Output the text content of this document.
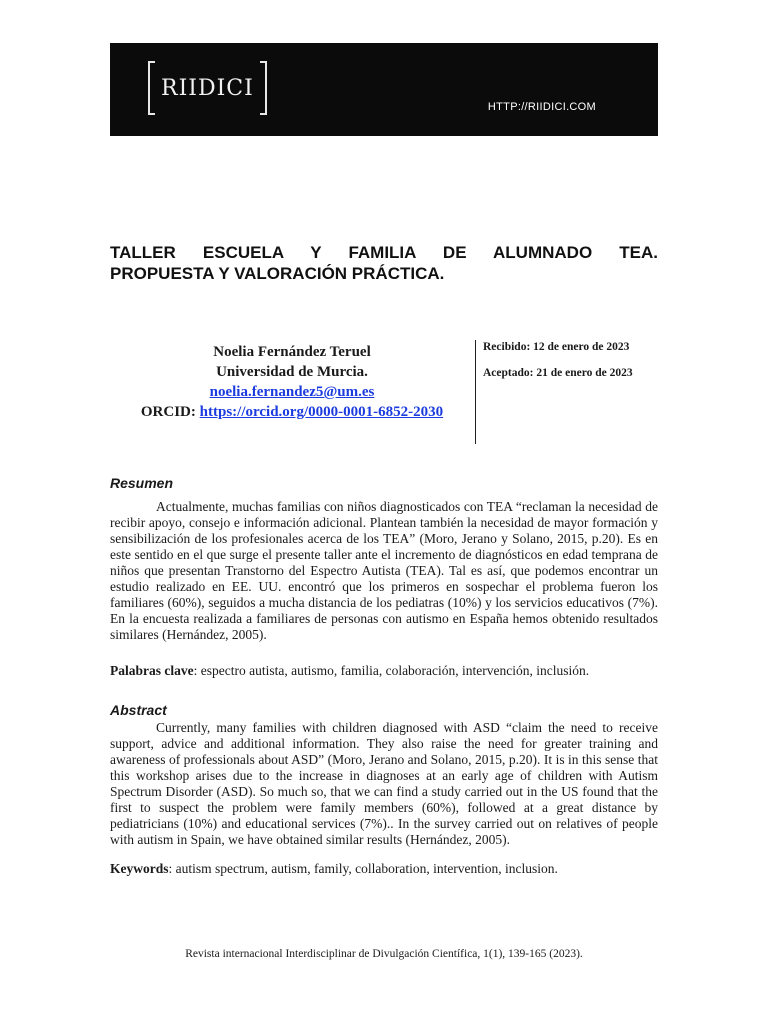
RIIDICI
HTTP://RIIDICI.COM
TALLER ESCUELA Y FAMILIA DE ALUMNADO TEA.
PROPUESTA Y VALORACIÓN PRÁCTICA.
Noelia Fernández Teruel
Universidad de Murcia.
noelia.fernandez5@um.es
ORCID: https://orcid.org/0000-0001-6852-2030
Recibido: 12 de enero de 2023
Aceptado: 21 de enero de 2023
Resumen
Actualmente, muchas familias con niños diagnosticados con TEA “reclaman la necesidad de recibir apoyo, consejo e información adicional. Plantean también la necesidad de mayor formación y sensibilización de los profesionales acerca de los TEA” (Moro, Jerano y Solano, 2015, p.20). Es en este sentido en el que surge el presente taller ante el incremento de diagnósticos en edad temprana de niños que presentan Transtorno del Espectro Autista (TEA). Tal es así, que podemos encontrar un estudio realizado en EE. UU. encontró que los primeros en sospechar el problema fueron los familiares (60%), seguidos a mucha distancia de los pediatras (10%) y los servicios educativos (7%). En la encuesta realizada a familiares de personas con autismo en España hemos obtenido resultados similares (Hernández, 2005).
Palabras clave: espectro autista, autismo, familia, colaboración, intervención, inclusión.
Abstract
Currently, many families with children diagnosed with ASD “claim the need to receive support, advice and additional information. They also raise the need for greater training and awareness of professionals about ASD” (Moro, Jerano and Solano, 2015, p.20). It is in this sense that this workshop arises due to the increase in diagnoses at an early age of children with Autism Spectrum Disorder (ASD). So much so, that we can find a study carried out in the US found that the first to suspect the problem were family members (60%), followed at a great distance by pediatricians (10%) and educational services (7%).. In the survey carried out on relatives of people with autism in Spain, we have obtained similar results (Hernández, 2005).
Keywords: autism spectrum, autism, family, collaboration, intervention, inclusion.
Revista internacional Interdisciplinar de Divulgación Científica, 1(1), 139-165 (2023).
